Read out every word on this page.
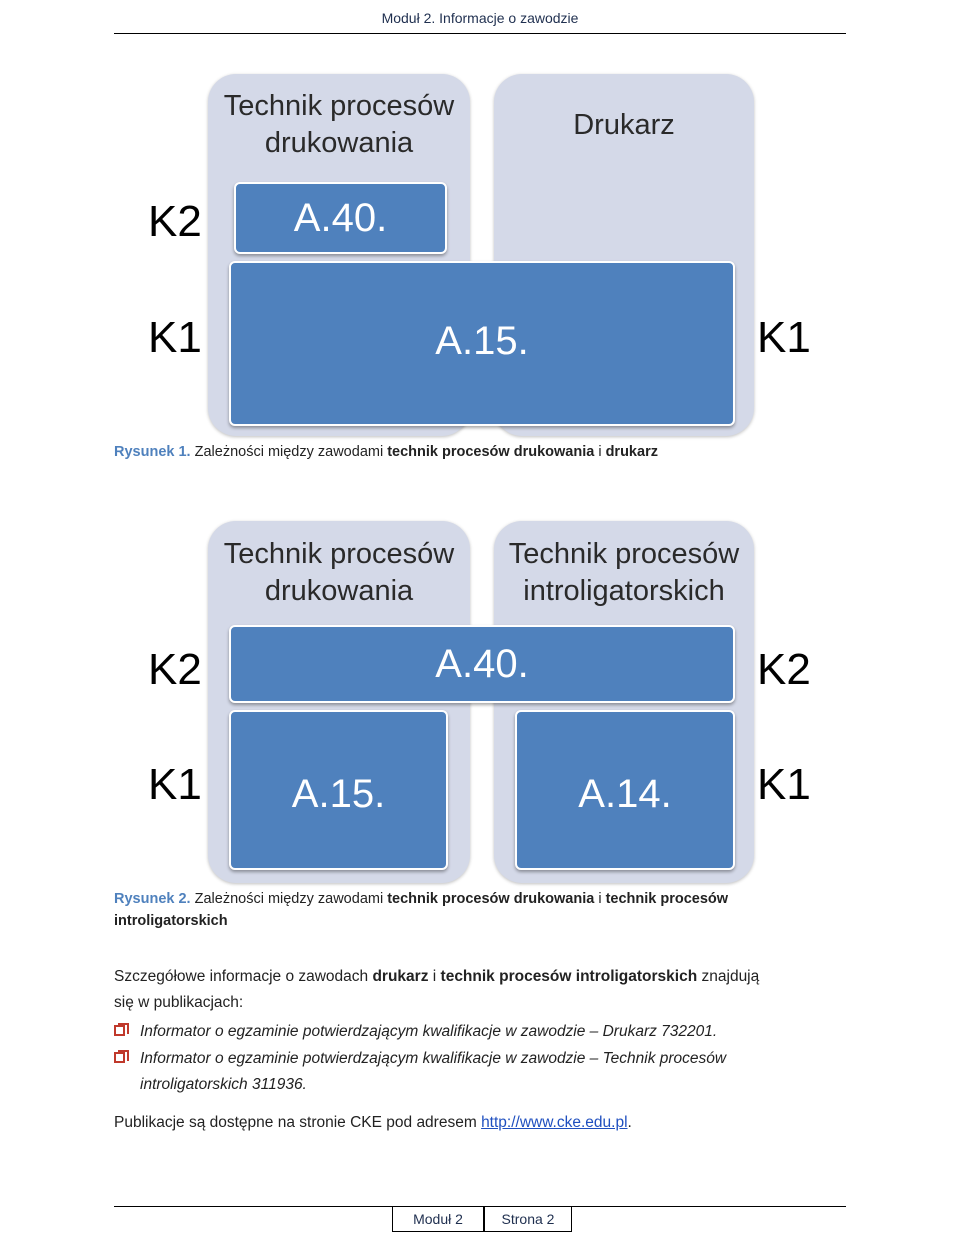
Moduł 2. Informacje o zawodzie
Technik procesów
drukowania
Drukarz
A.40.
A.15.
K2
K1	K1
Rysunek 1. Zależności między zawodami technik procesów drukowania i drukarz
Technik procesów
drukowania
Technik procesów
introligatorskich
A.40.
A.15.	A.14.
K2
K1
K2
K1
Rysunek 2. Zależności między zawodami technik procesów drukowania i technik procesów
introligatorskich
Szczegółowe informacje o zawodach drukarz i technik procesów introligatorskich znajdują
się w publikacjach:
Informator o egzaminie potwierdzającym kwalifikacje w zawodzie – Drukarz 732201.
Informator o egzaminie potwierdzającym kwalifikacje w zawodzie – Technik procesów
introligatorskich 311936.
Publikacje są dostępne na stronie CKE pod adresem http://www.cke.edu.pl.
Moduł 2	Strona 2
